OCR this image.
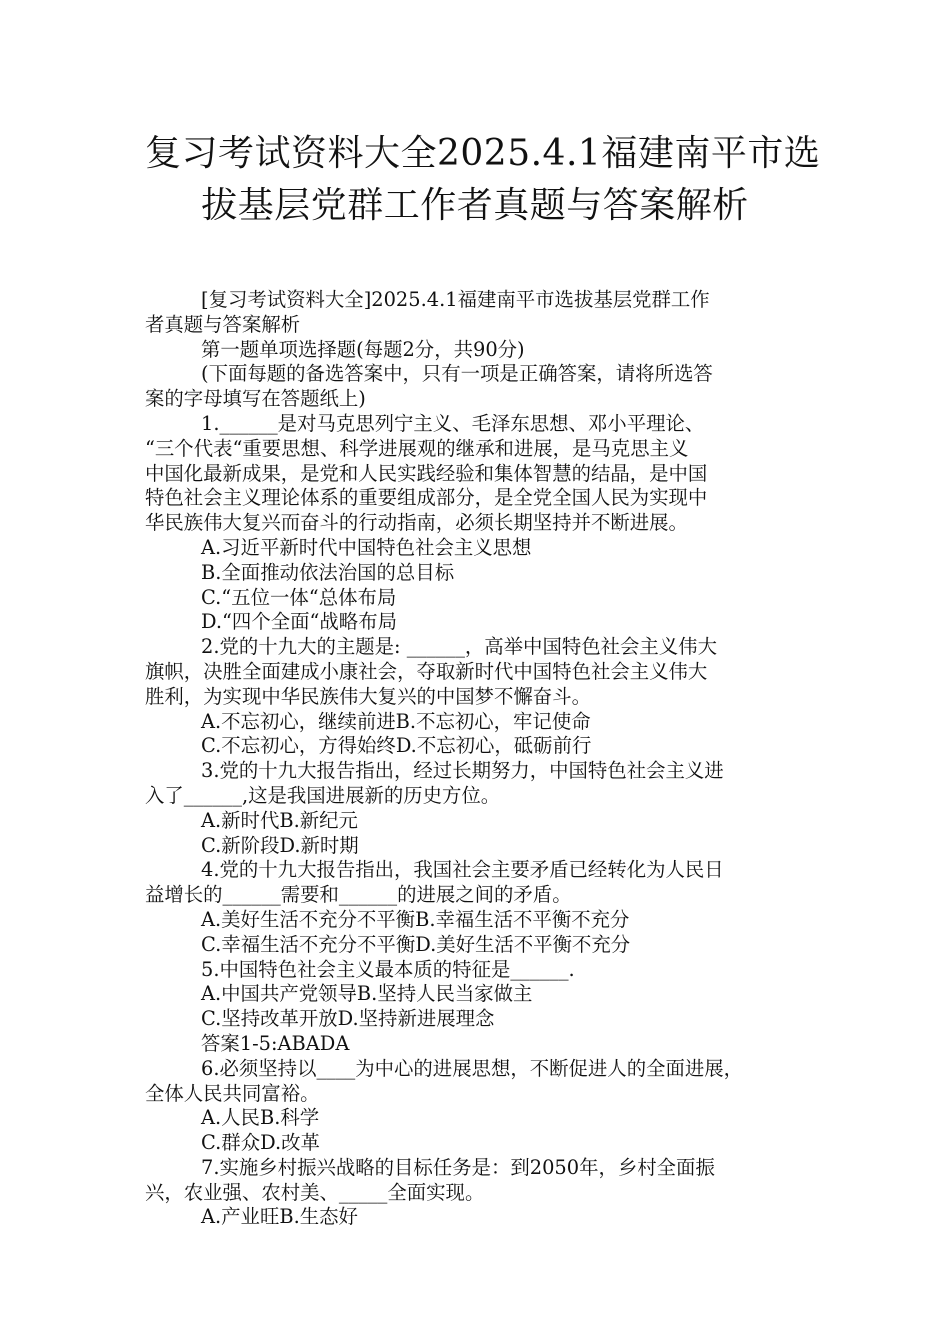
复习考试资料大全2025.4.1福建南平市选
拔基层党群工作者真题与答案解析
[复习考试资料大全]2025.4.1福建南平市选拔基层党群工作
者真题与答案解析
第一题单项选择题(每题2分，共90分)
(下面每题的备选答案中，只有一项是正确答案，请将所选答
案的字母填写在答题纸上)
1.______是对马克思列宁主义、毛泽东思想、邓小平理论、
“三个代表“重要思想、科学进展观的继承和进展，是马克思主义
中国化最新成果，是党和人民实践经验和集体智慧的结晶，是中国
特色社会主义理论体系的重要组成部分，是全党全国人民为实现中
华民族伟大复兴而奋斗的行动指南，必须长期坚持并不断进展。
A.习近平新时代中国特色社会主义思想
B.全面推动依法治国的总目标
C.“五位一体“总体布局
D.“四个全面“战略布局
2.党的十九大的主题是: ______，高举中国特色社会主义伟大
旗帜，决胜全面建成小康社会，夺取新时代中国特色社会主义伟大
胜利，为实现中华民族伟大复兴的中国梦不懈奋斗。
A.不忘初心，继续前进B.不忘初心，牢记使命
C.不忘初心，方得始终D.不忘初心，砥砺前行
3.党的十九大报告指出，经过长期努力，中国特色社会主义进
入了______,这是我国进展新的历史方位。
A.新时代B.新纪元
C.新阶段D.新时期
4.党的十九大报告指出，我国社会主要矛盾已经转化为人民日
益增长的______需要和______的进展之间的矛盾。
A.美好生活不充分不平衡B.幸福生活不平衡不充分
C.幸福生活不充分不平衡D.美好生活不平衡不充分
5.中国特色社会主义最本质的特征是______.
A.中国共产党领导B.坚持人民当家做主
C.坚持改革开放D.坚持新进展理念
答案1-5:ABADA
6.必须坚持以____为中心的进展思想，不断促进人的全面进展，
全体人民共同富裕。
A.人民B.科学
C.群众D.改革
7.实施乡村振兴战略的目标任务是：到2050年，乡村全面振
兴，农业强、农村美、_____全面实现。
A.产业旺B.生态好
